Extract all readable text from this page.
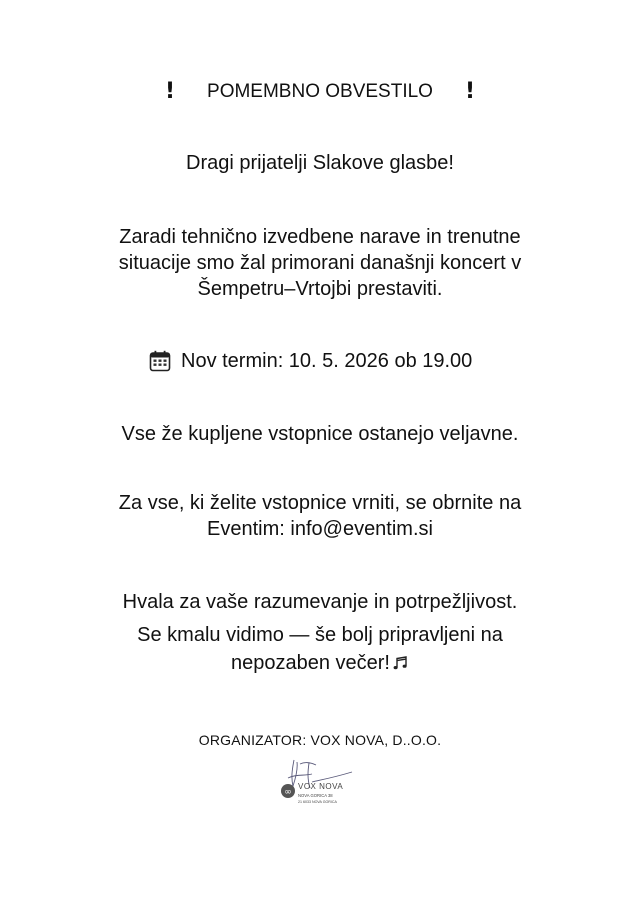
!	POMEMBNO OBVESTILO	!
Dragi prijatelji Slakove glasbe!
Zaradi tehnično izvedbene narave in trenutne
situacije smo žal primorani današnji koncert v
Šempetru–Vrtojbi prestaviti.
Nov termin: 10. 5. 2026 ob 19.00
Vse že kupljene vstopnice ostanejo veljavne.
Za vse, ki želite vstopnice vrniti, se obrnite na
Eventim: info@eventim.si
Hvala za vaše razumevanje in potrpežljivost.
Se kmalu vidimo — še bolj pripravljeni na
nepozaben večer!
ORGANIZATOR: VOX NOVA, D..O.O.
∞
VOX NOVA
NOVA GORICA 38
21 6033 NOVA GORICA
